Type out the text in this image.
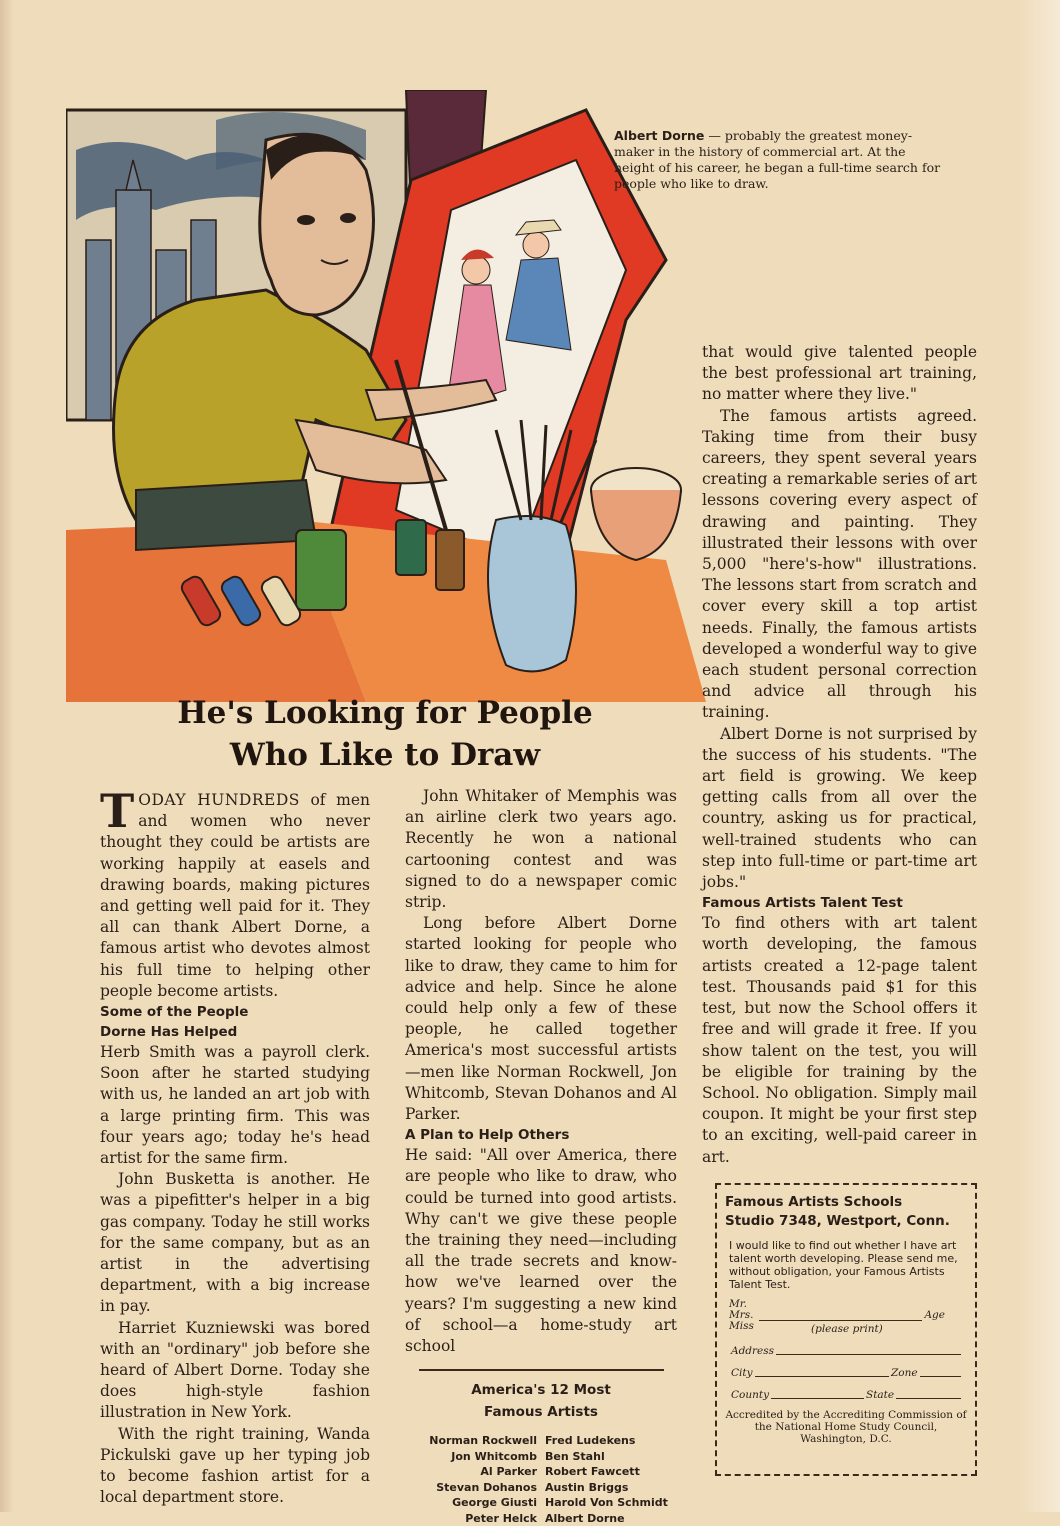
Albert Dorne — probably the greatest money-maker in the history of commercial art. At the height of his career, he began a full-time search for people who like to draw.
He's Looking for People
Who Like to Draw

TODAY HUNDREDS of men and women who never thought they could be artists are working happily at easels and drawing boards, making pictures and getting well paid for it. They all can thank Albert Dorne, a famous artist who devotes almost his full time to helping other people become artists.

Some of the People
Dorne Has Helped

Herb Smith was a payroll clerk. Soon after he started studying with us, he landed an art job with a large printing firm. This was four years ago; today he's head artist for the same firm.

John Busketta is another. He was a pipefitter's helper in a big gas company. Today he still works for the same company, but as an artist in the advertising department, with a big increase in pay.

Harriet Kuzniewski was bored with an "ordinary" job before she heard of Albert Dorne. Today she does high-style fashion illustration in New York.

With the right training, Wanda Pickulski gave up her typing job to become fashion artist for a local department store.

John Whitaker of Memphis was an airline clerk two years ago. Recently he won a national cartooning contest and was signed to do a newspaper comic strip.

Long before Albert Dorne started looking for people who like to draw, they came to him for advice and help. Since he alone could help only a few of these people, he called together America's most successful artists—men like Norman Rockwell, Jon Whitcomb, Stevan Dohanos and Al Parker.

A Plan to Help Others

He said: "All over America, there are people who like to draw, who could be turned into good artists. Why can't we give these people the training they need—including all the trade secrets and know-how we've learned over the years? I'm suggesting a new kind of school—a home-study art school

America's 12 Most
Famous Artists
Norman Rockwell Fred Ludekens
Jon Whitcomb Ben Stahl
Al Parker Robert Fawcett
Stevan Dohanos Austin Briggs
George Giusti Harold Von Schmidt
Peter Helck Albert Dorne

that would give talented people the best professional art training, no matter where they live."

The famous artists agreed. Taking time from their busy careers, they spent several years creating a remarkable series of art lessons covering every aspect of drawing and painting. They illustrated their lessons with over 5,000 "here's-how" illustrations. The lessons start from scratch and cover every skill a top artist needs. Finally, the famous artists developed a wonderful way to give each student personal correction and advice all through his training.

Albert Dorne is not surprised by the success of his students. "The art field is growing. We keep getting calls from all over the country, asking us for practical, well-trained students who can step into full-time or part-time art jobs."

Famous Artists Talent Test

To find others with art talent worth developing, the famous artists created a 12-page talent test. Thousands paid $1 for this test, but now the School offers it free and will grade it free. If you show talent on the test, you will be eligible for training by the School. No obligation. Simply mail coupon. It might be your first step to an exciting, well-paid career in art.

Famous Artists Schools
Studio 7348, Westport, Conn.
I would like to find out whether I have art talent worth developing. Please send me, without obligation, your Famous Artists Talent Test.
Mr.
Mrs.
Miss	(please print)
Age
Address
City	Zone
County	State
Accredited by the Accrediting Commission of the National Home Study Council, Washington, D.C.
